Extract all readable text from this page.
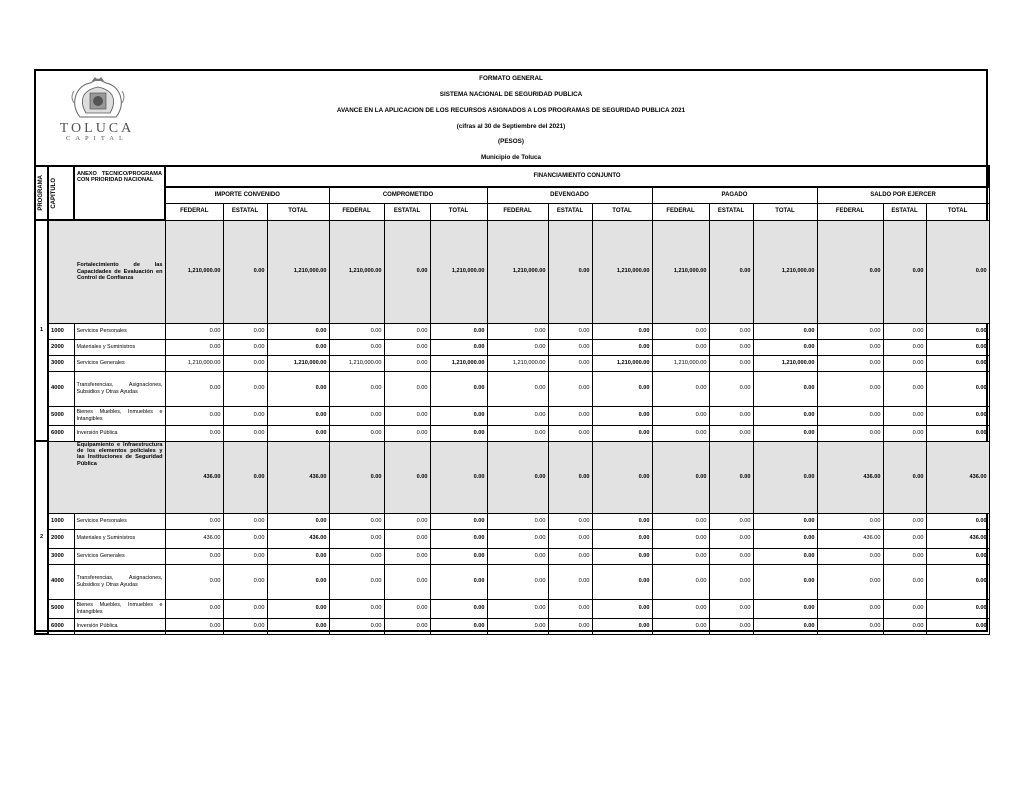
TOLUCA
CAPITAL
FORMATO GENERAL
SISTEMA NACIONAL DE SEGURIDAD PUBLICA
AVANCE EN LA APLICACION DE LOS RECURSOS ASIGNADOS A LOS PROGRAMAS DE SEGURIDAD PUBLICA 2021
(cifras al 30 de Septiembre del 2021)
(PESOS)
Municipio de Toluca
PROGRAMA	CAPITULO	ANEXO TECNICO/PROGRAMA CON PRIORIDAD NACIONAL	FINANCIAMIENTO CONJUNTO														
			IMPORTE CONVENIDO			COMPROMETIDO			DEVENGADO			PAGADO			SALDO POR EJERCER		
			FEDERAL	ESTATAL	TOTAL	FEDERAL	ESTATAL	TOTAL	FEDERAL	ESTATAL	TOTAL	FEDERAL	ESTATAL	TOTAL	FEDERAL	ESTATAL	TOTAL
1	Fortalecimiento de las Capacidades de Evaluación en Control de Confianza		1,210,000.00	0.00	1,210,000.00	1,210,000.00	0.00	1,210,000.00	1,210,000.00	0.00	1,210,000.00	1,210,000.00	0.00	1,210,000.00	0.00	0.00	0.00
	1000	Servicios Personales	0.00	0.00	0.00	0.00	0.00	0.00	0.00	0.00	0.00	0.00	0.00	0.00	0.00	0.00	0.00
	2000	Materiales y Suministros	0.00	0.00	0.00	0.00	0.00	0.00	0.00	0.00	0.00	0.00	0.00	0.00	0.00	0.00	0.00
	3000	Servicios Generales	1,210,000.00	0.00	1,210,000.00	1,210,000.00	0.00	1,210,000.00	1,210,000.00	0.00	1,210,000.00	1,210,000.00	0.00	1,210,000.00	0.00	0.00	0.00
	4000	Transferencias, Asignaciones, Subsidios y Otras Ayudas	0.00	0.00	0.00	0.00	0.00	0.00	0.00	0.00	0.00	0.00	0.00	0.00	0.00	0.00	0.00
	5000	Bienes Muebles, Inmuebles e Intangibles	0.00	0.00	0.00	0.00	0.00	0.00	0.00	0.00	0.00	0.00	0.00	0.00	0.00	0.00	0.00
	6000	Inversión Pública	0.00	0.00	0.00	0.00	0.00	0.00	0.00	0.00	0.00	0.00	0.00	0.00	0.00	0.00	0.00
2	Equipamiento e Infraestructura de los elementos policiales y las Instituciones de Seguridad Pública		436.00	0.00	436.00	0.00	0.00	0.00	0.00	0.00	0.00	0.00	0.00	0.00	436.00	0.00	436.00
	1000	Servicios Personales	0.00	0.00	0.00	0.00	0.00	0.00	0.00	0.00	0.00	0.00	0.00	0.00	0.00	0.00	0.00
	2000	Materiales y Suministros	436.00	0.00	436.00	0.00	0.00	0.00	0.00	0.00	0.00	0.00	0.00	0.00	436.00	0.00	436.00
	3000	Servicios Generales	0.00	0.00	0.00	0.00	0.00	0.00	0.00	0.00	0.00	0.00	0.00	0.00	0.00	0.00	0.00
	4000	Transferencias, Asignaciones, Subsidios y Otras Ayudas	0.00	0.00	0.00	0.00	0.00	0.00	0.00	0.00	0.00	0.00	0.00	0.00	0.00	0.00	0.00
	5000	Bienes Muebles, Inmuebles e Intangibles	0.00	0.00	0.00	0.00	0.00	0.00	0.00	0.00	0.00	0.00	0.00	0.00	0.00	0.00	0.00
	6000	Inversión Pública	0.00	0.00	0.00	0.00	0.00	0.00	0.00	0.00	0.00	0.00	0.00	0.00	0.00	0.00	0.00
